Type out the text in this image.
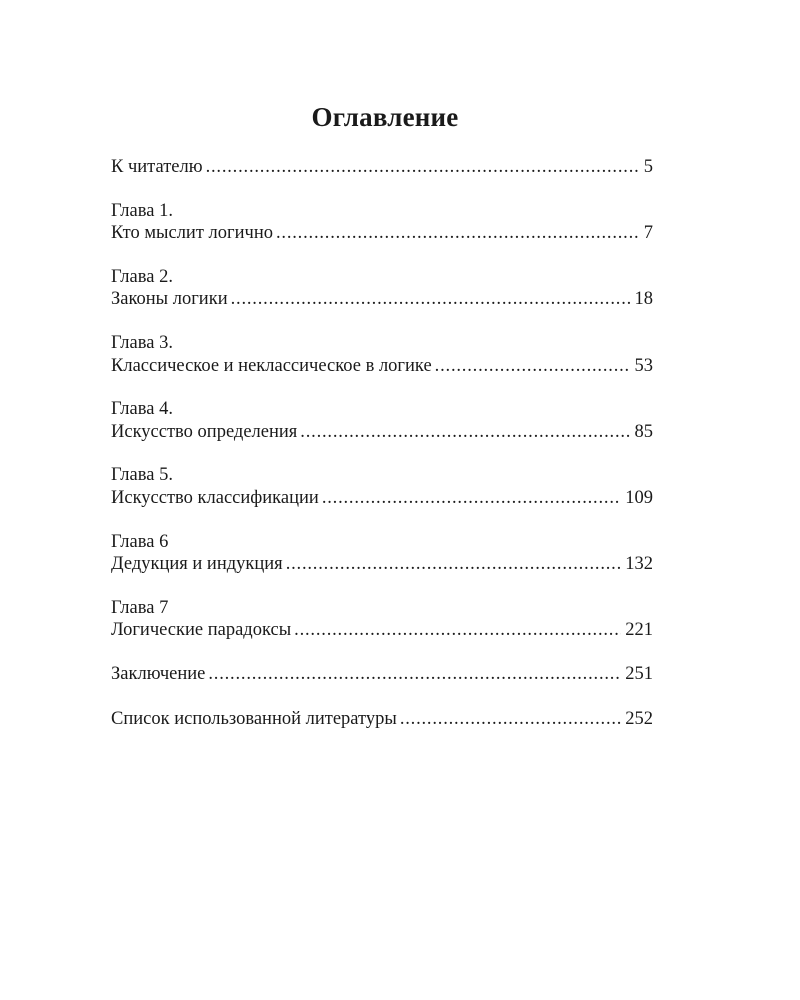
Оглавление
К читателю .....	5
Глава 1.
Кто мыслит логично .....	7
Глава 2.
Законы логики .....	18
Глава 3.
Классическое и неклассическое в логике .....	53
Глава 4.
Искусство определения .....	85
Глава 5.
Искусство классификации .....	109
Глава 6
Дедукция и индукция .....	132
Глава 7
Логические парадоксы .....	221
Заключение .....	251
Список использованной литературы .....	252
